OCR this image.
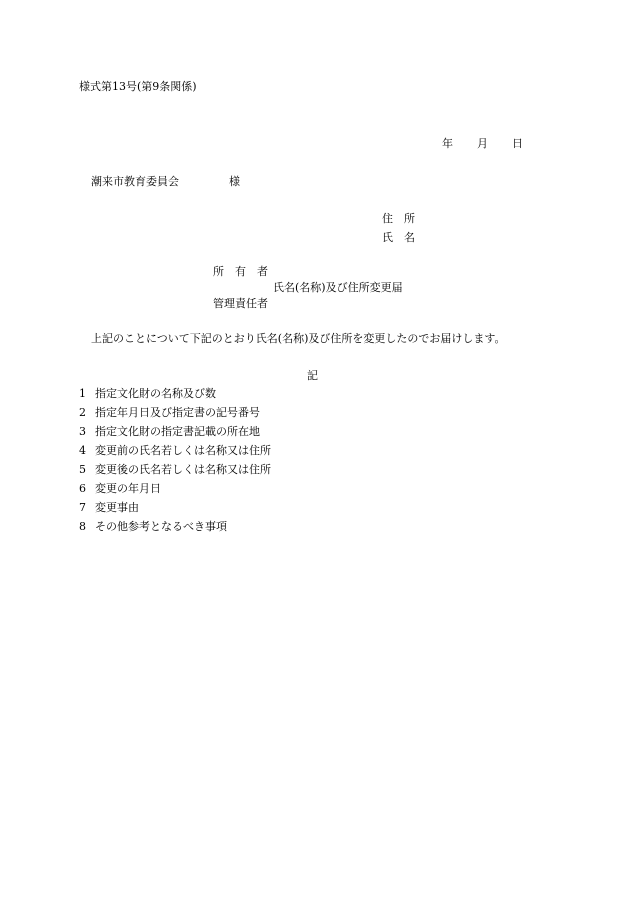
様式第13号(第9条関係)
年 月 日
潮来市教育委員会	様
住　所
氏　名
所　有　者
氏名(名称)及び住所変更届
管理責任者
上記のことについて下記のとおり氏名(名称)及び住所を変更したのでお届けします。
記
1 指定文化財の名称及び数
2 指定年月日及び指定書の記号番号
3 指定文化財の指定書記載の所在地
4 変更前の氏名若しくは名称又は住所
5 変更後の氏名若しくは名称又は住所
6 変更の年月日
7 変更事由
8 その他参考となるべき事項
